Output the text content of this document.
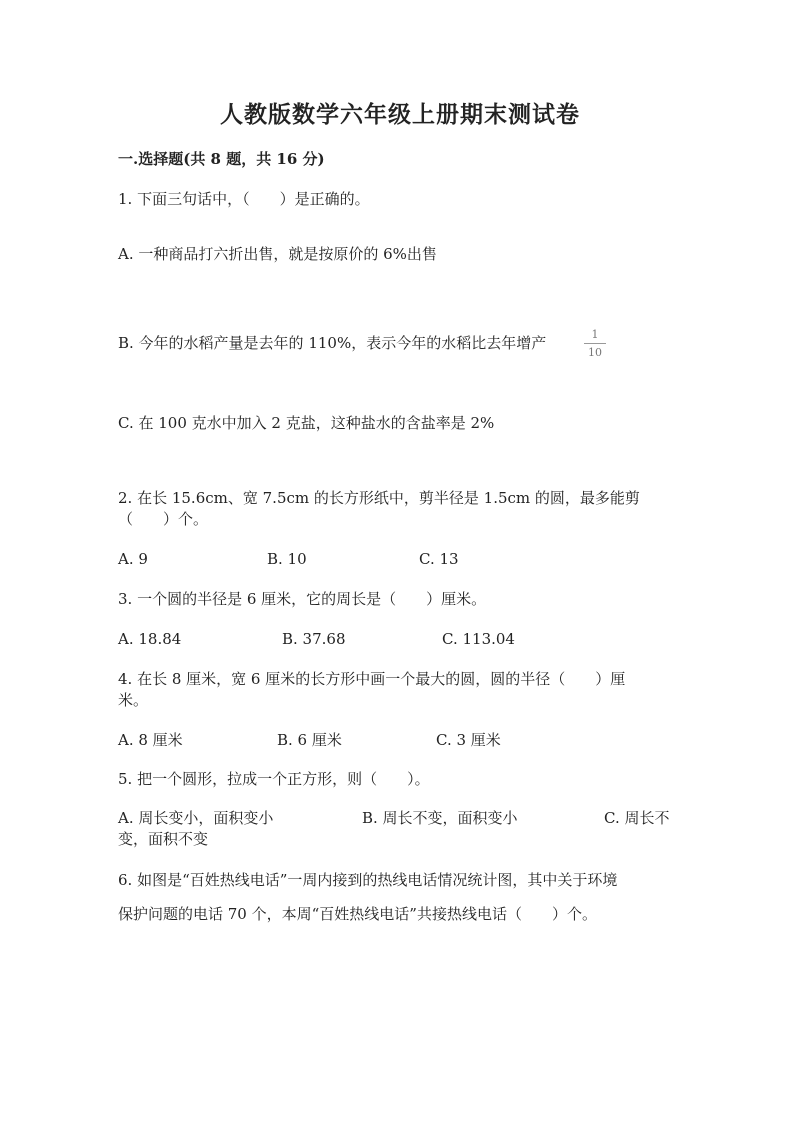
人教版数学六年级上册期末测试卷
一.选择题(共 8 题，共 16 分)
1. 下面三句话中，（　　）是正确的。
A. 一种商品打六折出售，就是按原价的 6%出售
B. 今年的水稻产量是去年的 110%，表示今年的水稻比去年增产	1
10
C. 在 100 克水中加入 2 克盐，这种盐水的含盐率是 2%
2. 在长 15.6cm、宽 7.5cm 的长方形纸中，剪半径是 1.5cm 的圆，最多能剪
（　　）个。
A. 9	B. 10	C. 13
3. 一个圆的半径是 6 厘米，它的周长是（　　）厘米。
A. 18.84	B. 37.68	C. 113.04
4. 在长 8 厘米，宽 6 厘米的长方形中画一个最大的圆，圆的半径（　　）厘
米。
A. 8 厘米	B. 6 厘米	C. 3 厘米
5. 把一个圆形，拉成一个正方形，则（　　）。
A. 周长变小，面积变小	B. 周长不变，面积变小	C. 周长不
变，面积不变
6. 如图是“百姓热线电话”一周内接到的热线电话情况统计图，其中关于环境
保护问题的电话 70 个，本周“百姓热线电话”共接热线电话（　　）个。
